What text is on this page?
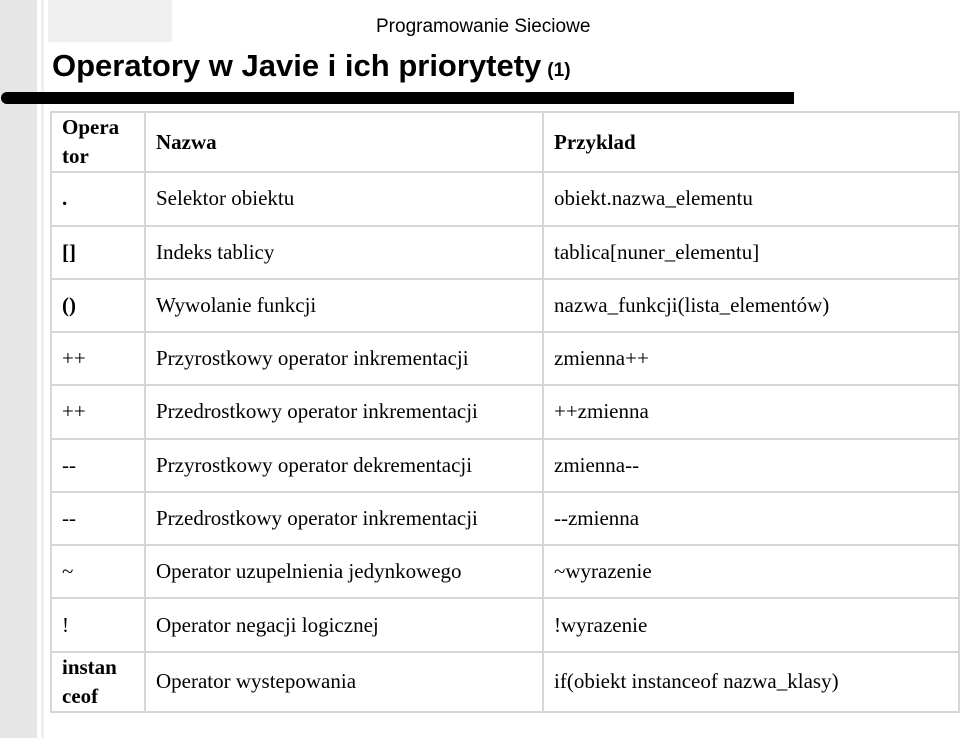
Programowanie Sieciowe
Operatory w Javie i ich priorytety (1)
Opera tor	Nazwa	Przyklad
.	Selektor obiektu	obiekt.nazwa_elementu
[]	Indeks tablicy	tablica[nuner_elementu]
()	Wywolanie funkcji	nazwa_funkcji(lista_elementów)
++	Przyrostkowy operator inkrementacji	zmienna++
++	Przedrostkowy operator inkrementacji	++zmienna
--	Przyrostkowy operator dekrementacji	zmienna--
--	Przedrostkowy operator inkrementacji	--zmienna
~	Operator uzupelnienia jedynkowego	~wyrazenie
!	Operator negacji logicznej	!wyrazenie
instan ceof	Operator wystepowania	if(obiekt instanceof nazwa_klasy)
